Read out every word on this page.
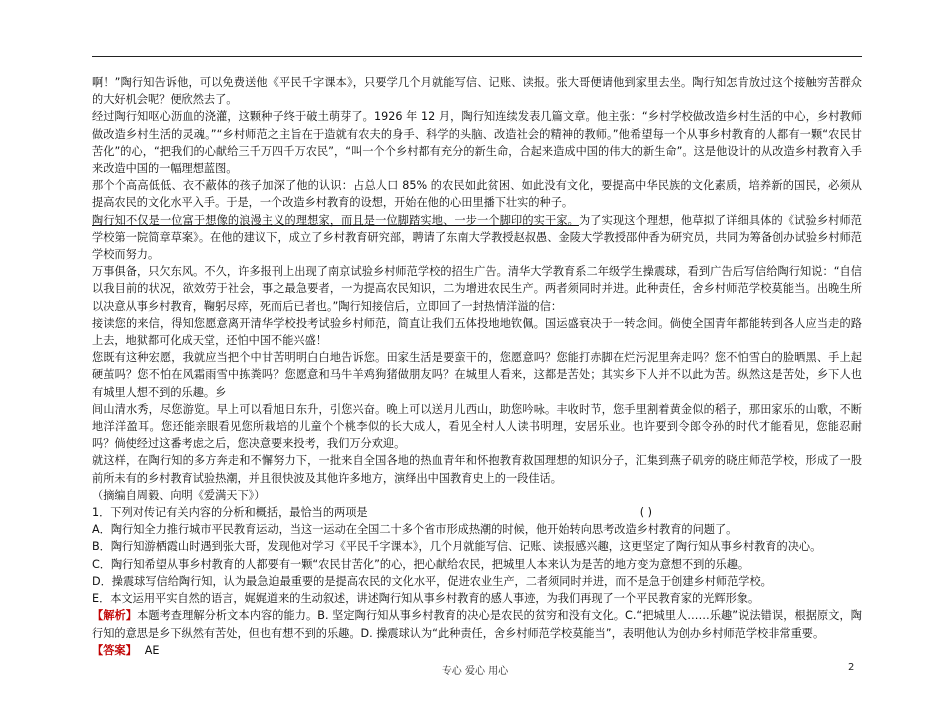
啊！”陶行知告诉他，可以免费送他《平民千字课本》，只要学几个月就能写信、记账、读报。张大哥便请他到家里去坐。陶行知怎肯放过这个接触穷苦群众的大好机会呢？便欣然去了。

经过陶行知呕心沥血的浇灌，这颗种子终于破土萌芽了。1926 年 12 月，陶行知连续发表几篇文章。他主张：“乡村学校做改造乡村生活的中心，乡村教师做改造乡村生活的灵魂。”“乡村师范之主旨在于造就有农夫的身手、科学的头脑、改造社会的精神的教师。”他希望每一个从事乡村教育的人都有一颗“农民甘苦化”的心，“把我们的心献给三千万四千万农民”，“叫一个个乡村都有充分的新生命，合起来造成中国的伟大的新生命”。这是他设计的从改造乡村教育入手来改造中国的一幅理想蓝图。

那个个高高低低、衣不蔽体的孩子加深了他的认识：占总人口 85% 的农民如此贫困、如此没有文化，要提高中华民族的文化素质，培养新的国民，必须从提高农民的文化水平入手。于是，一个改造乡村教育的设想，开始在他的心田里播下壮实的种子。

陶行知不仅是一位富于想像的浪漫主义的理想家，而且是一位脚踏实地、一步一个脚印的实干家。为了实现这个理想，他草拟了详细具体的《试验乡村师范学校第一院简章草案》。在他的建议下，成立了乡村教育研究部，聘请了东南大学教授赵叔愚、金陵大学教授邵仲香为研究员，共同为筹备创办试验乡村师范学校而努力。

万事俱备，只欠东风。不久，许多报刊上出现了南京试验乡村师范学校的招生广告。清华大学教育系二年级学生操震球，看到广告后写信给陶行知说：“自信以我目前的状况，欲效劳于社会，事之最急要者，一为提高农民知识，二为增进农民生产。两者须同时并进。此种责任，舍乡村师范学校莫能当。出晚生所以决意从事乡村教育，鞠躬尽瘁，死而后已者也。”陶行知接信后，立即回了一封热情洋溢的信：

接读您的来信，得知您愿意离开清华学校投考试验乡村师范，简直让我们五体投地地钦佩。国运盛衰决于一转念间。倘使全国青年都能转到各人应当走的路上去，地狱都可化成天堂，还怕中国不能兴盛！

您既有这种宏愿，我就应当把个中甘苦明明白白地告诉您。田家生活是要蛮干的，您愿意吗？您能打赤脚在烂污泥里奔走吗？您不怕雪白的脸晒黑、手上起硬茧吗？您不怕在风霜雨雪中拣粪吗？您愿意和马牛羊鸡狗猪做朋友吗？在城里人看来，这都是苦处；其实乡下人并不以此为苦。纵然这是苦处，乡下人也有城里人想不到的乐趣。乡

间山清水秀，尽您游览。早上可以看旭日东升，引您兴奋。晚上可以送月儿西山，助您吟咏。丰收时节，您手里割着黄金似的稻子，那田家乐的山歌，不断地洋洋盈耳。您还能亲眼看见您所栽培的儿童个个桃李似的长大成人，看见全村人人读书明理，安居乐业。也许要到令郎令孙的时代才能看见，您能忍耐吗？倘使经过这番考虑之后，您决意要来投考，我们万分欢迎。

就这样，在陶行知的多方奔走和不懈努力下，一批来自全国各地的热血青年和怀抱教育救国理想的知识分子，汇集到燕子矶旁的晓庄师范学校，形成了一股前所未有的乡村教育试验热潮，并且很快波及其他许多地方，演绎出中国教育史上的一段佳话。

（摘编自周毅、向明《爱满天下》）

1．下列对传记有关内容的分析和概括，最恰当的两项是	( )

A．陶行知全力推行城市平民教育运动，当这一运动在全国二十多个省市形成热潮的时候，他开始转向思考改造乡村教育的问题了。

B．陶行知游栖霞山时遇到张大哥，发现他对学习《平民千字课本》，几个月就能写信、记账、读报感兴趣，这更坚定了陶行知从事乡村教育的决心。

C．陶行知希望从事乡村教育的人都要有一颗“农民甘苦化”的心，把心献给农民，把城里人本来认为是苦的地方变为意想不到的乐趣。

D．操震球写信给陶行知，认为最急迫最重要的是提高农民的文化水平，促进农业生产，二者须同时并进，而不是急于创建乡村师范学校。

E．本文运用平实自然的语言，娓娓道来的生动叙述，讲述陶行知从事乡村教育的感人事迹，为我们再现了一个平民教育家的光辉形象。

【解析】本题考查理解分析文本内容的能力。B. 坚定陶行知从事乡村教育的决心是农民的贫穷和没有文化。C.“把城里人……乐趣”说法错误，根据原文，陶行知的意思是乡下纵然有苦处，但也有想不到的乐趣。D. 操震球认为“此种责任，舍乡村师范学校莫能当”，表明他认为创办乡村师范学校非常重要。

【答案】 AE

专心 爱心 用心	2
